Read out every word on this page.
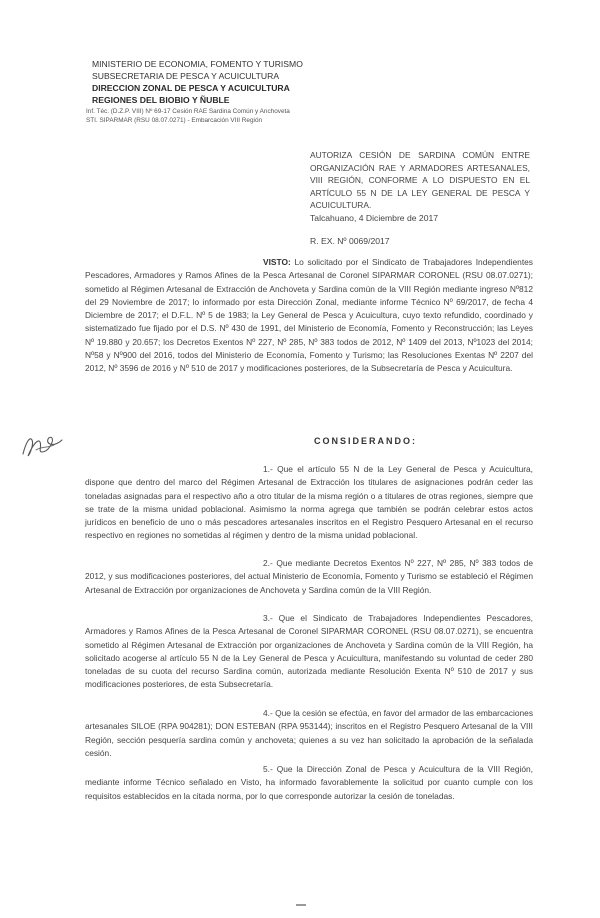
MINISTERIO DE ECONOMIA, FOMENTO Y TURISMO
SUBSECRETARIA DE PESCA Y ACUICULTURA
DIRECCION ZONAL DE PESCA Y ACUICULTURA
REGIONES DEL BIOBIO Y ÑUBLE
Inf. Téc. (D.Z.P. VIII) Nº 69-17 Cesión RAE Sardina Común y Anchoveta
STI. SIPARMAR (RSU 08.07.0271) - Embarcación VIII Región
AUTORIZA CESIÓN DE SARDINA COMÚN ENTRE ORGANIZACIÓN RAE Y ARMADORES ARTESANALES, VIII REGIÓN, CONFORME A LO DISPUESTO EN EL ARTÍCULO 55 N DE LA LEY GENERAL DE PESCA Y ACUICULTURA.
Talcahuano, 4 Diciembre de 2017
R. EX. Nº 0069/2017
VISTO: Lo solicitado por el Sindicato de Trabajadores Independientes Pescadores, Armadores y Ramos Afines de la Pesca Artesanal de Coronel SIPARMAR CORONEL (RSU 08.07.0271); sometido al Régimen Artesanal de Extracción de Anchoveta y Sardina común de la VIII Región mediante ingreso Nº812 del 29 Noviembre de 2017; lo informado por esta Dirección Zonal, mediante informe Técnico Nº 69/2017, de fecha 4 Diciembre de 2017; el D.F.L. Nº 5 de 1983; la Ley General de Pesca y Acuicultura, cuyo texto refundido, coordinado y sistematizado fue fijado por el D.S. Nº 430 de 1991, del Ministerio de Economía, Fomento y Reconstrucción; las Leyes Nº 19.880 y 20.657; los Decretos Exentos Nº 227, Nº 285, Nº 383 todos de 2012, Nº 1409 del 2013, Nº1023 del 2014; Nº58 y Nº900 del 2016, todos del Ministerio de Economía, Fomento y Turismo; las Resoluciones Exentas Nº 2207 del 2012, Nº 3596 de 2016 y Nº 510 de 2017 y modificaciones posteriores, de la Subsecretaría de Pesca y Acuicultura.
CONSIDERANDO:
1.- Que el artículo 55 N de la Ley General de Pesca y Acuicultura, dispone que dentro del marco del Régimen Artesanal de Extracción los titulares de asignaciones podrán ceder las toneladas asignadas para el respectivo año a otro titular de la misma región o a titulares de otras regiones, siempre que se trate de la misma unidad poblacional. Asimismo la norma agrega que también se podrán celebrar estos actos jurídicos en beneficio de uno o más pescadores artesanales inscritos en el Registro Pesquero Artesanal en el recurso respectivo en regiones no sometidas al régimen y dentro de la misma unidad poblacional.
2.- Que mediante Decretos Exentos Nº 227, Nº 285, Nº 383 todos de 2012, y sus modificaciones posteriores, del actual Ministerio de Economía, Fomento y Turismo se estableció el Régimen Artesanal de Extracción por organizaciones de Anchoveta y Sardina común de la VIII Región.
3.- Que el Sindicato de Trabajadores Independientes Pescadores, Armadores y Ramos Afines de la Pesca Artesanal de Coronel SIPARMAR CORONEL (RSU 08.07.0271), se encuentra sometido al Régimen Artesanal de Extracción por organizaciones de Anchoveta y Sardina común de la VIII Región, ha solicitado acogerse al artículo 55 N de la Ley General de Pesca y Acuicultura, manifestando su voluntad de ceder 280 toneladas de su cuota del recurso Sardina común, autorizada mediante Resolución Exenta Nº 510 de 2017 y sus modificaciones posteriores, de esta Subsecretaría.
4.- Que la cesión se efectúa, en favor del armador de las embarcaciones artesanales SILOE (RPA 904281); DON ESTEBAN (RPA 953144); inscritos en el Registro Pesquero Artesanal de la VIII Región, sección pesquería sardina común y anchoveta; quienes a su vez han solicitado la aprobación de la señalada cesión.
5.- Que la Dirección Zonal de Pesca y Acuicultura de la VIII Región, mediante informe Técnico señalado en Visto, ha informado favorablemente la solicitud por cuanto cumple con los requisitos establecidos en la citada norma, por lo que corresponde autorizar la cesión de toneladas.
